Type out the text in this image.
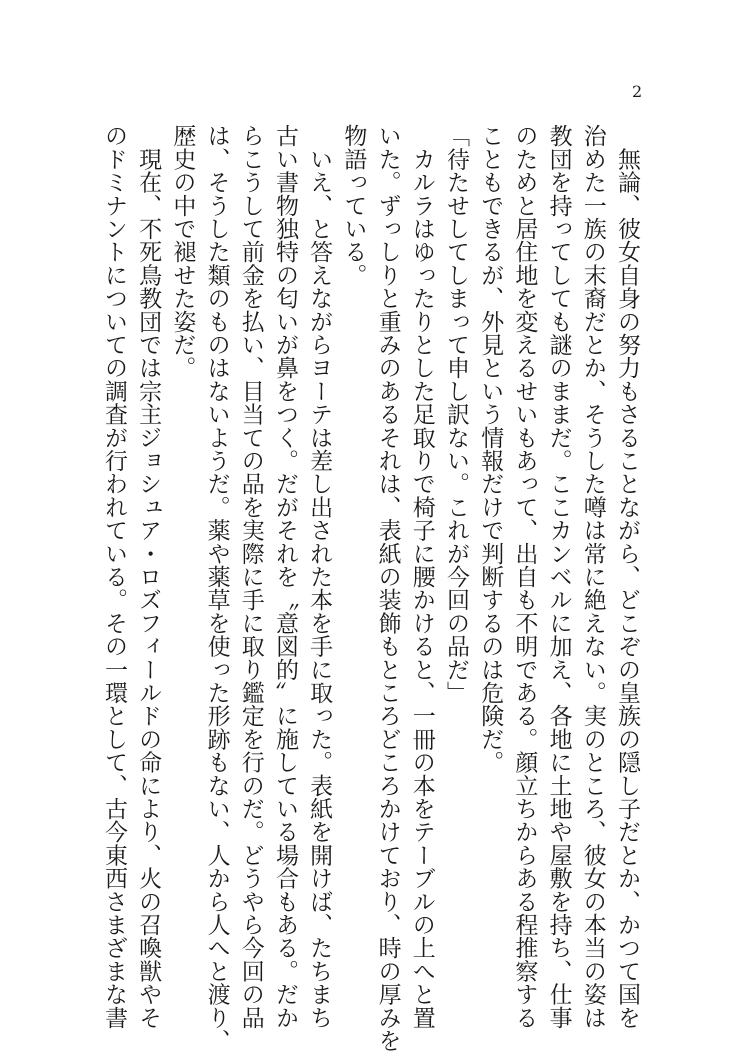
2
　無論、彼女自身の努力もさることながら、どこぞの皇族の隠し子だとか、かつて国を
治めた一族の末裔だとか、そうした噂は常に絶えない。実のところ、彼女の本当の姿は
教団を持ってしても謎のままだ。ここカンベルに加え、各地に土地や屋敷を持ち、仕事
のためと居住地を変えるせいもあって、出自も不明である。顔立ちからある程推察する
こともできるが、外見という情報だけで判断するのは危険だ。
「待たせしてしまって申し訳ない。これが今回の品だ」
　カルラはゆったりとした足取りで椅子に腰かけると、一冊の本をテーブルの上へと置
いた。ずっしりと重みのあるそれは、表紙の装飾もところどころかけており、時の厚みを
物語っている。
　いえ、と答えながらヨーテは差し出された本を手に取った。表紙を開けば、たちまち
古い書物独特の匂いが鼻をつく。だがそれを〝意図的〟に施している場合もある。だか
らこうして前金を払い、目当ての品を実際に手に取り鑑定を行のだ。どうやら今回の品
は、そうした類のものはないようだ。薬や薬草を使った形跡もない、人から人へと渡り、
歴史の中で褪せた姿だ。
　現在、不死鳥教団では宗主ジョシュア・ロズフィールドの命により、火の召喚獣やそ
のドミナントについての調査が行われている。その一環として、古今東西さまざまな書
